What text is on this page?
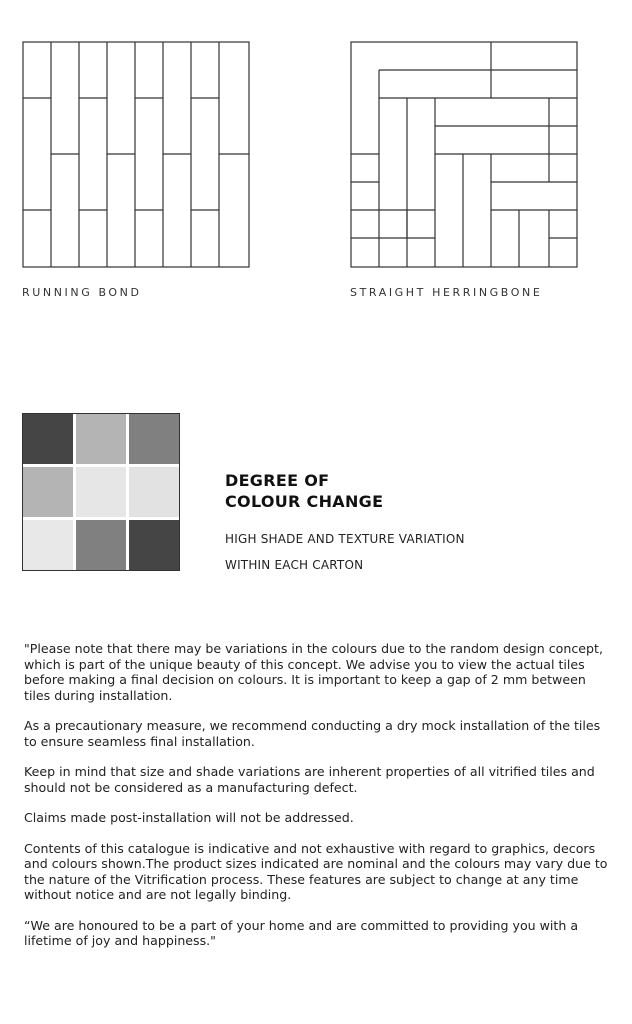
RUNNING BOND	STRAIGHT HERRINGBONE
DEGREE OF
COLOUR CHANGE
HIGH SHADE AND TEXTURE VARIATION
WITHIN EACH CARTON

"Please note that there may be variations in the colours due to the random design concept, which is part of the unique beauty of this concept. We advise you to view the actual tiles before making a final decision on colours. It is important to keep a gap of 2 mm between tiles during installation.

As a precautionary measure, we recommend conducting a dry mock installation of the tiles to ensure seamless final installation.

Keep in mind that size and shade variations are inherent properties of all vitrified tiles and should not be considered as a manufacturing defect.

Claims made post-installation will not be addressed.

Contents of this catalogue is indicative and not exhaustive with regard to graphics, decors and colours shown.The product sizes indicated are nominal and the colours may vary due to the nature of the Vitrification process. These features are subject to change at any time without notice and are not legally binding.

“We are honoured to be a part of your home and are committed to providing you with a lifetime of joy and happiness."
